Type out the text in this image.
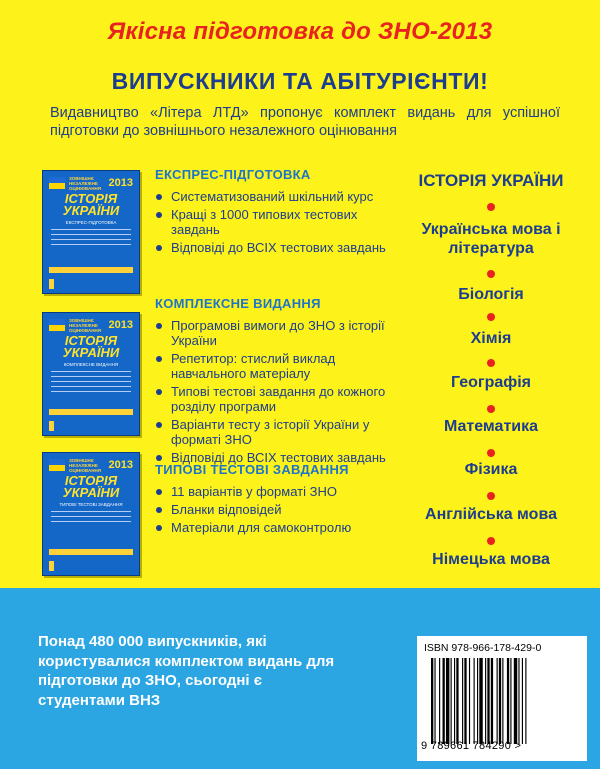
Якісна підготовка до ЗНО-2013
ВИПУСКНИКИ ТА АБІТУРІЄНТИ!
Видавництво «Літера ЛТД» пропонує комплект видань для успішної підготовки до зовнішнього незалежного оцінювання
ЗОВНІШНЄ НЕЗАЛЕЖНЕ ОЦІНЮВАННЯ 2013
ІСТОРІЯ УКРАЇНИ
ЕКСПРЕС-ПІДГОТОВКА
ЕКСПРЕС-ПІДГОТОВКА
Систематизований шкільний курс
Кращі з 1000 типових тестових завдань
Відповіді до ВСІХ тестових завдань
ЗОВНІШНЄ НЕЗАЛЕЖНЕ ОЦІНЮВАННЯ 2013
ІСТОРІЯ УКРАЇНИ
КОМПЛЕКСНЕ ВИДАННЯ
КОМПЛЕКСНЕ ВИДАННЯ
Програмові вимоги до ЗНО з історії України
Репетитор: стислий виклад навчального матеріалу
Типові тестові завдання до кожного розділу програми
Варіанти тесту з історії України у форматі ЗНО
Відповіді до ВСІХ тестових завдань
ЗОВНІШНЄ НЕЗАЛЕЖНЕ ОЦІНЮВАННЯ 2013
ІСТОРІЯ УКРАЇНИ
ТИПОВІ ТЕСТОВІ ЗАВДАННЯ
ТИПОВІ ТЕСТОВІ ЗАВДАННЯ
11 варіантів у форматі ЗНО
Бланки відповідей
Матеріали для самоконтролю
ІСТОРІЯ УКРАЇНИ
Українська мова і література
Біологія
Хімія
Географія
Математика
Фізика
Англійська мова
Німецька мова
Понад 480 000 випускників, які користувалися комплектом видань для підготовки до ЗНО, сьогодні є студентами ВНЗ
ISBN 978-966-178-429-0
9 789661 784290 >
